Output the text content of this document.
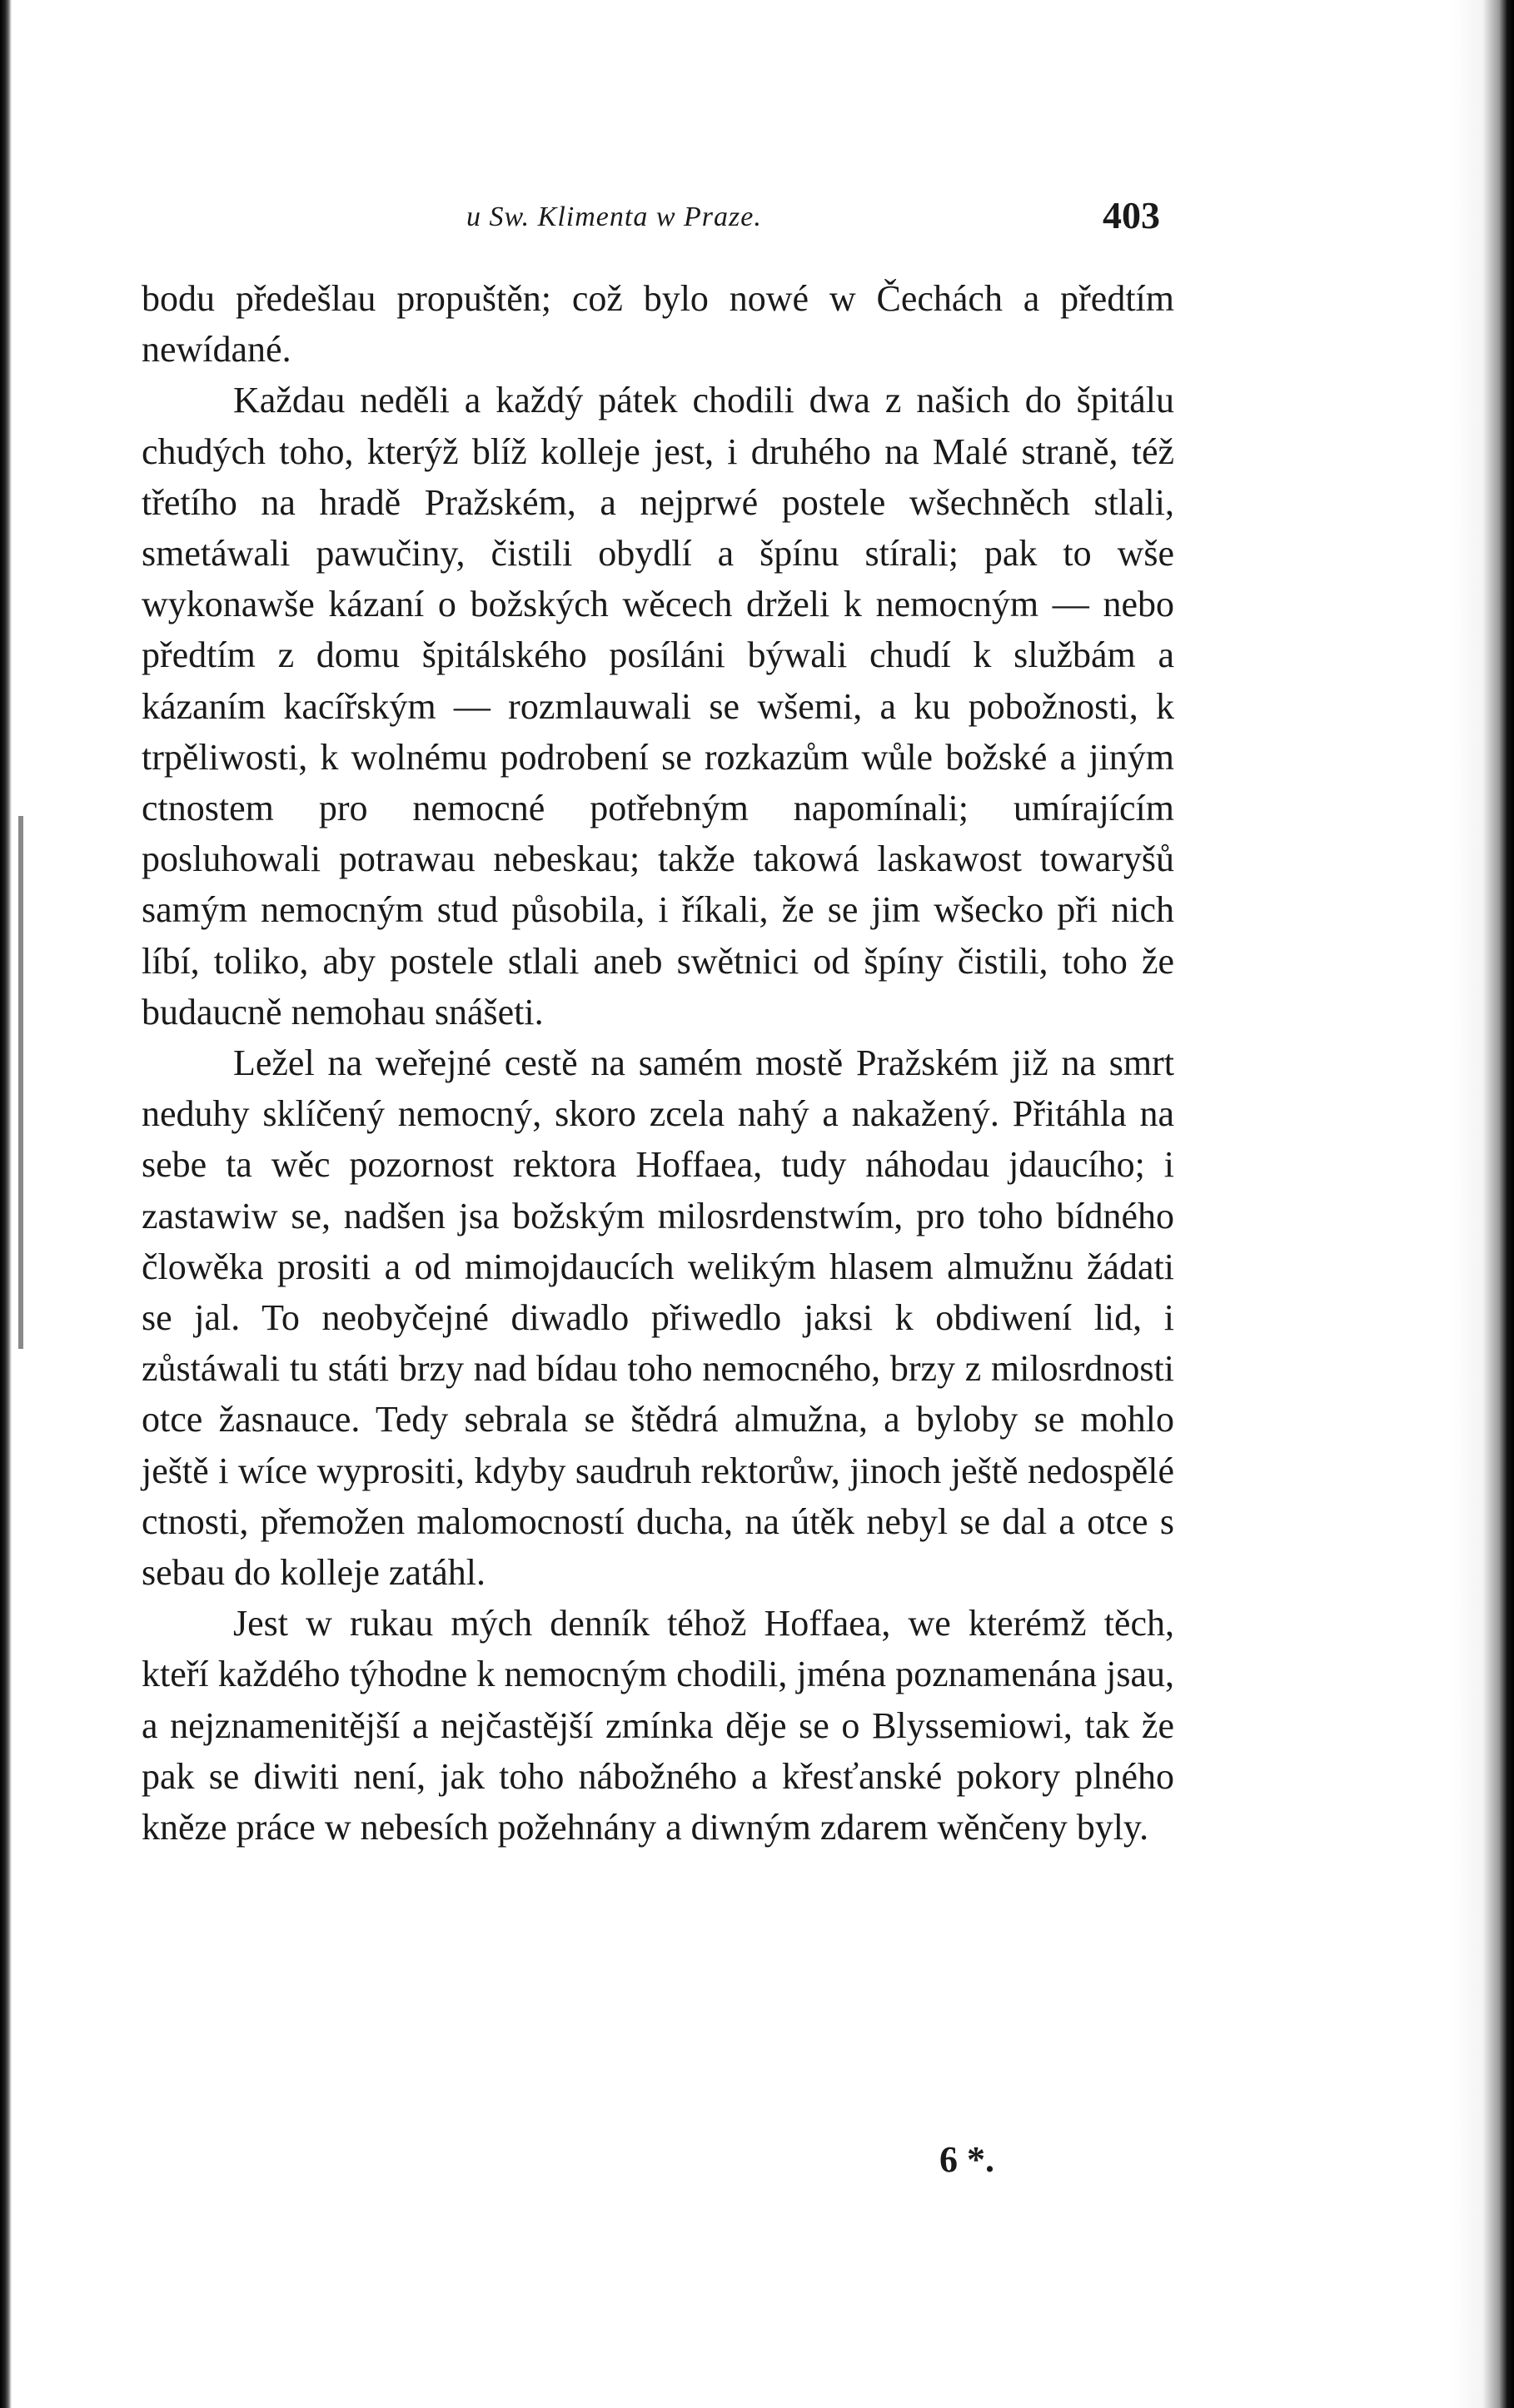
u Sw. Klimenta w Praze.	403

bodu předešlau propuštěn; což bylo nowé w Čechách a předtím newídané.

Každau neděli a každý pátek chodili dwa z našich do špitálu chudých toho, kterýž blíž kolleje jest, i druhého na Malé straně, též třetího na hradě Pražském, a nejprwé postele wšechněch stlali, smetáwali pawučiny, čistili obydlí a špínu stírali; pak to wše wykonawše kázaní o božských wěcech drželi k nemocným — nebo předtím z domu špitálského posíláni býwali chudí k službám a kázaním kacířským — rozmlauwali se wšemi, a ku pobožnosti, k trpěliwosti, k wolnému podrobení se rozkazům wůle božské a jiným ctnostem pro nemocné potřebným napomínali; umírajícím posluhowali potrawau nebeskau; takže takowá laskawost towaryšů samým nemocným stud působila, i říkali, že se jim wšecko při nich líbí, toliko, aby postele stlali aneb swětnici od špíny čistili, toho že budaucně nemohau snášeti.

Ležel na weřejné cestě na samém mostě Pražském již na smrt neduhy sklíčený nemocný, skoro zcela nahý a nakažený. Přitáhla na sebe ta wěc pozornost rektora Hoffaea, tudy náhodau jdaucího; i zastawiw se, nadšen jsa božským milosrdenstwím, pro toho bídného člowěka prositi a od mimojdaucích welikým hlasem almužnu žádati se jal. To neobyčejné diwadlo přiwedlo jaksi k obdiwení lid, i zůstáwali tu státi brzy nad bídau toho nemocného, brzy z milosrdnosti otce žasnauce. Tedy sebrala se štědrá almužna, a byloby se mohlo ještě i wíce wyprositi, kdyby saudruh rektorůw, jinoch ještě nedospělé ctnosti, přemožen malomocností ducha, na útěk nebyl se dal a otce s sebau do kolleje zatáhl.

Jest w rukau mých denník téhož Hoffaea, we kterémž těch, kteří každého týhodne k nemocným chodili, jména poznamenána jsau, a nejznamenitější a nejčastější zmínka děje se o Blyssemiowi, tak že pak se diwiti není, jak toho nábožného a křesťanské pokory plného kněze práce w nebesích požehnány a diwným zdarem wěnčeny byly.

6 *.
